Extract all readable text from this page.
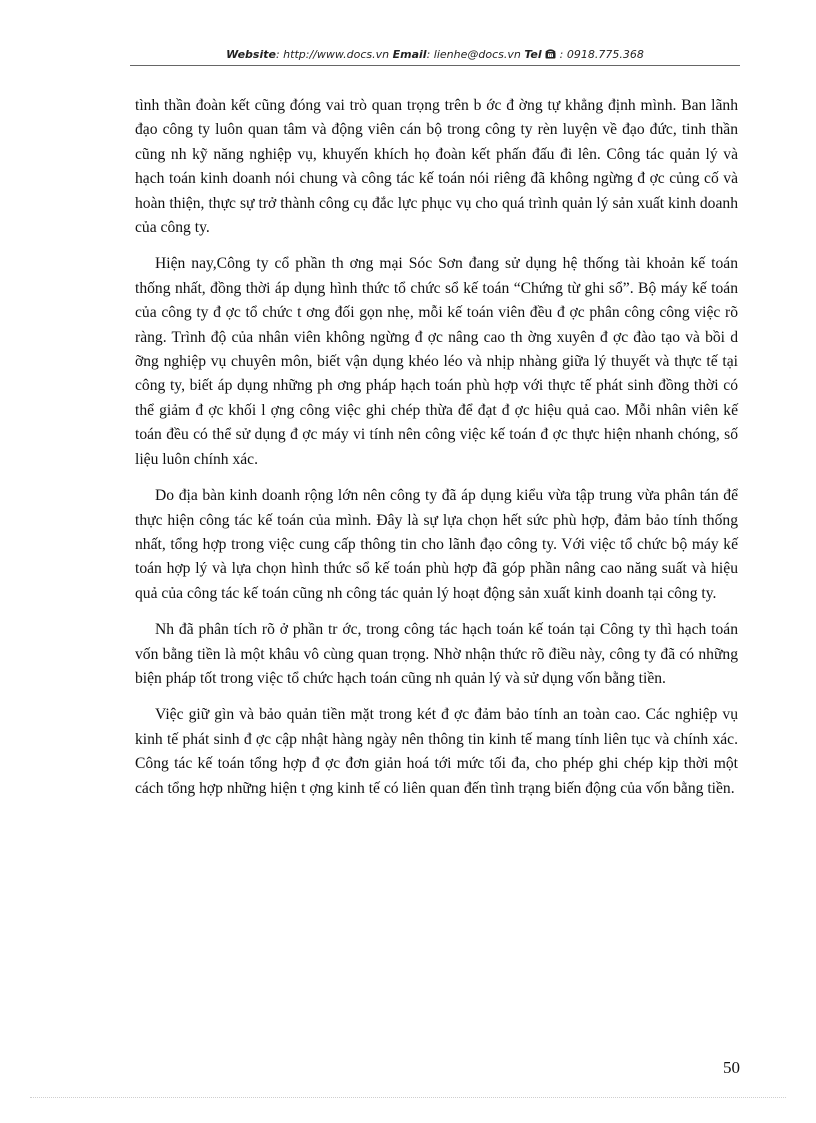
Website: http://www.docs.vn Email: lienhe@docs.vn Tel : 0918.775.368

tình thần đoàn kết cũng đóng vai trò quan trọng trên b ớc đ ờng tự khẳng định mình. Ban lãnh đạo công ty luôn quan tâm và động viên cán bộ trong công ty rèn luyện về đạo đức, tinh thần cũng nh kỹ năng nghiệp vụ, khuyến khích họ đoàn kết phấn đấu đi lên. Công tác quản lý và hạch toán kinh doanh nói chung và công tác kế toán nói riêng đã không ngừng đ ợc củng cố và hoàn thiện, thực sự trở thành công cụ đắc lực phục vụ cho quá trình quản lý sản xuất kinh doanh của công ty.

Hiện nay,Công ty cổ phần th ơng mại Sóc Sơn đang sử dụng hệ thống tài khoản kế toán thống nhất, đồng thời áp dụng hình thức tổ chức sổ kế toán “Chứng từ ghi sổ”. Bộ máy kế toán của công ty đ ợc tổ chức t ơng đối gọn nhẹ, mỗi kế toán viên đều đ ợc phân công công việc rõ ràng. Trình độ của nhân viên không ngừng đ ợc nâng cao th ờng xuyên đ ợc đào tạo và bồi d ỡng nghiệp vụ chuyên môn, biết vận dụng khéo léo và nhịp nhàng giữa lý thuyết và thực tế tại công ty, biết áp dụng những ph ơng pháp hạch toán phù hợp với thực tế phát sinh đồng thời có thể giảm đ ợc khối l ợng công việc ghi chép thừa để đạt đ ợc hiệu quả cao. Mỗi nhân viên kế toán đều có thể sử dụng đ ợc máy vi tính nên công việc kế toán đ ợc thực hiện nhanh chóng, số liệu luôn chính xác.

Do địa bàn kinh doanh rộng lớn nên công ty đã áp dụng kiểu vừa tập trung vừa phân tán để thực hiện công tác kế toán của mình. Đây là sự lựa chọn hết sức phù hợp, đảm bảo tính thống nhất, tổng hợp trong việc cung cấp thông tin cho lãnh đạo công ty. Với việc tổ chức bộ máy kế toán hợp lý và lựa chọn hình thức sổ kế toán phù hợp đã góp phần nâng cao năng suất và hiệu quả của công tác kế toán cũng nh công tác quản lý hoạt động sản xuất kinh doanh tại công ty.

Nh đã phân tích rõ ở phần tr ớc, trong công tác hạch toán kế toán tại Công ty thì hạch toán vốn bằng tiền là một khâu vô cùng quan trọng. Nhờ nhận thức rõ điều này, công ty đã có những biện pháp tốt trong việc tổ chức hạch toán cũng nh quản lý và sử dụng vốn bằng tiền.

Việc giữ gìn và bảo quản tiền mặt trong két đ ợc đảm bảo tính an toàn cao. Các nghiệp vụ kinh tế phát sinh đ ợc cập nhật hàng ngày nên thông tin kinh tế mang tính liên tục và chính xác. Công tác kế toán tổng hợp đ ợc đơn giản hoá tới mức tối đa, cho phép ghi chép kịp thời một cách tổng hợp những hiện t ợng kinh tế có liên quan đến tình trạng biến động của vốn bằng tiền.

50
